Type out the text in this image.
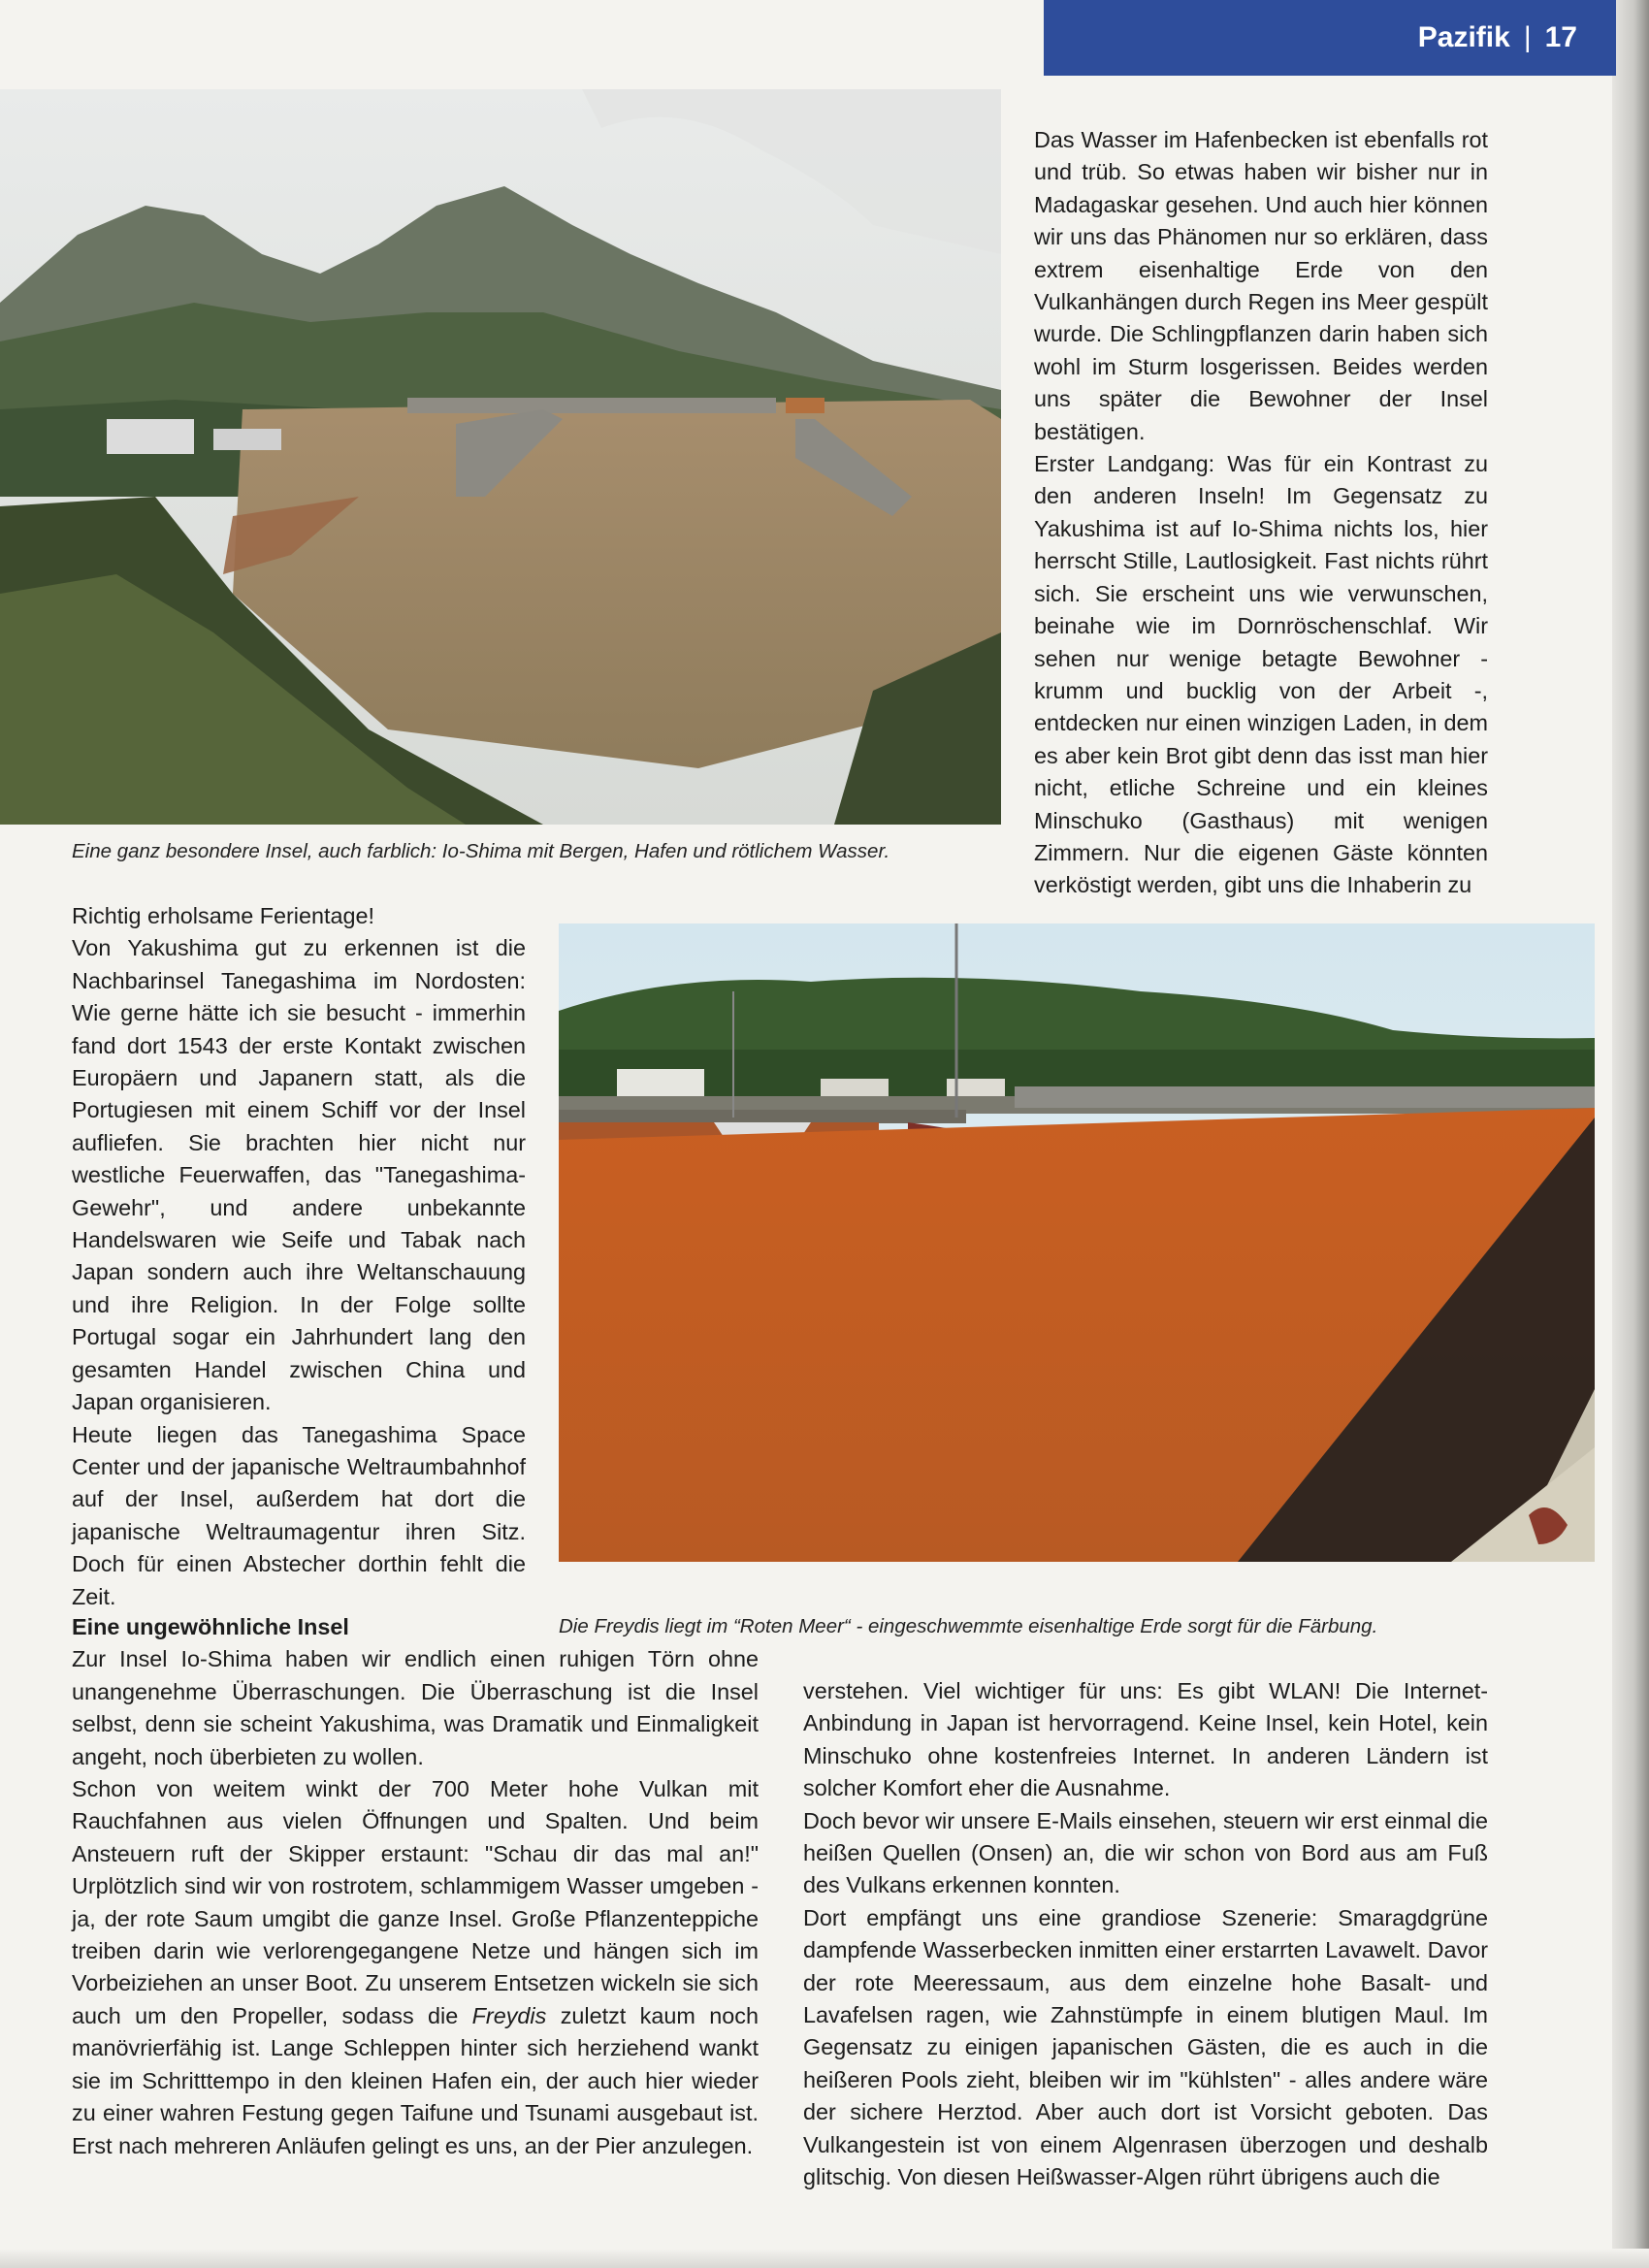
Pazifik | 17
Eine ganz besondere Insel, auch farblich: Io-Shima mit Bergen, Hafen und rötlichem Wasser.

Das Wasser im Hafenbecken ist ebenfalls rot und trüb. So etwas haben wir bisher nur in Madagaskar gesehen. Und auch hier können wir uns das Phänomen nur so erklären, dass extrem eisenhaltige Erde von den Vulkanhängen durch Regen ins Meer gespült wurde. Die Schlingpflanzen darin haben sich wohl im Sturm losgerissen. Beides werden uns später die Bewohner der Insel bestätigen.

Erster Landgang: Was für ein Kontrast zu den anderen Inseln! Im Gegensatz zu Yakushima ist auf Io-Shima nichts los, hier herrscht Stille, Lautlosigkeit. Fast nichts rührt sich. Sie erscheint uns wie verwunschen, beinahe wie im Dornröschenschlaf. Wir sehen nur wenige betagte Bewohner - krumm und bucklig von der Arbeit -, entdecken nur einen winzigen Laden, in dem es aber kein Brot gibt denn das isst man hier nicht, etliche Schreine und ein kleines Minschuko (Gasthaus) mit wenigen Zimmern. Nur die eigenen Gäste könnten verköstigt werden, gibt uns die Inhaberin zu

Richtig erholsame Ferientage!

Von Yakushima gut zu erkennen ist die Nachbarinsel Tanegashima im Nordosten: Wie gerne hätte ich sie besucht - immerhin fand dort 1543 der erste Kontakt zwischen Europäern und Japanern statt, als die Portugiesen mit einem Schiff vor der Insel aufliefen. Sie brachten hier nicht nur westliche Feuerwaffen, das "Tanegashima-Gewehr", und andere unbekannte Handelswaren wie Seife und Tabak nach Japan sondern auch ihre Weltanschauung und ihre Religion. In der Folge sollte Portugal sogar ein Jahrhundert lang den gesamten Handel zwischen China und Japan organisieren.

Heute liegen das Tanegashima Space Center und der japanische Weltraumbahnhof auf der Insel, außerdem hat dort die japanische Weltraumagentur ihren Sitz. Doch für einen Abstecher dorthin fehlt die Zeit.

Die Freydis liegt im “Roten Meer“ - eingeschwemmte eisenhaltige Erde sorgt für die Färbung.

Eine ungewöhnliche Insel

Zur Insel Io-Shima haben wir endlich einen ruhigen Törn ohne unangenehme Überraschungen. Die Überraschung ist die Insel selbst, denn sie scheint Yakushima, was Dramatik und Einmaligkeit angeht, noch überbieten zu wollen.

Schon von weitem winkt der 700 Meter hohe Vulkan mit Rauchfahnen aus vielen Öffnungen und Spalten. Und beim Ansteuern ruft der Skipper erstaunt: "Schau dir das mal an!" Urplötzlich sind wir von rostrotem, schlammigem Wasser umgeben - ja, der rote Saum umgibt die ganze Insel. Große Pflanzenteppiche treiben darin wie verlorengegangene Netze und hängen sich im Vorbeiziehen an unser Boot. Zu unserem Entsetzen wickeln sie sich auch um den Propeller, sodass die Freydis zuletzt kaum noch manövrierfähig ist. Lange Schleppen hinter sich herziehend wankt sie im Schritttempo in den kleinen Hafen ein, der auch hier wieder zu einer wahren Festung gegen Taifune und Tsunami ausgebaut ist. Erst nach mehreren Anläufen gelingt es uns, an der Pier anzulegen.

verstehen. Viel wichtiger für uns: Es gibt WLAN! Die Internet-Anbindung in Japan ist hervorragend. Keine Insel, kein Hotel, kein Minschuko ohne kostenfreies Internet. In anderen Ländern ist solcher Komfort eher die Ausnahme.

Doch bevor wir unsere E-Mails einsehen, steuern wir erst einmal die heißen Quellen (Onsen) an, die wir schon von Bord aus am Fuß des Vulkans erkennen konnten.

Dort empfängt uns eine grandiose Szenerie: Smaragdgrüne dampfende Wasserbecken inmitten einer erstarrten Lavawelt. Davor der rote Meeressaum, aus dem einzelne hohe Basalt- und Lavafelsen ragen, wie Zahnstümpfe in einem blutigen Maul. Im Gegensatz zu einigen japanischen Gästen, die es auch in die heißeren Pools zieht, bleiben wir im "kühlsten" - alles andere wäre der sichere Herztod. Aber auch dort ist Vorsicht geboten. Das Vulkangestein ist von einem Algenrasen überzogen und deshalb glitschig. Von diesen Heißwasser-Algen rührt übrigens auch die
